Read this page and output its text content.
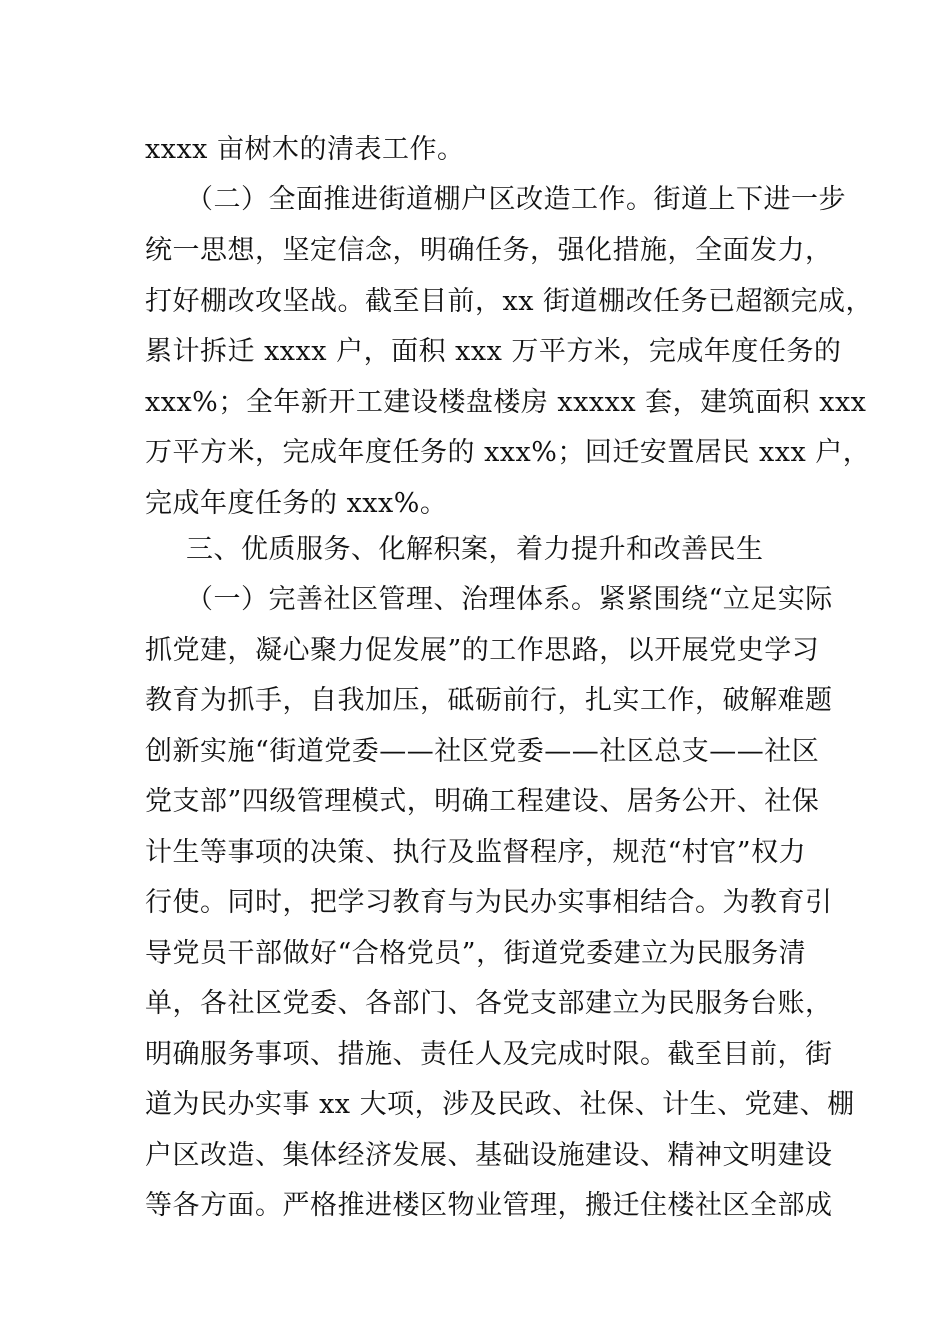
xxxx 亩树木的清表工作。

（二）全面推进街道棚户区改造工作。街道上下进一步

统一思想，坚定信念，明确任务，强化措施，全面发力，

打好棚改攻坚战。截至目前，xx 街道棚改任务已超额完成，

累计拆迁 xxxx 户，面积 xxx 万平方米，完成年度任务的

xxx%；全年新开工建设楼盘楼房 xxxxx 套，建筑面积 xxx

万平方米，完成年度任务的 xxx%；回迁安置居民 xxx 户，

完成年度任务的 xxx%。

三、优质服务、化解积案，着力提升和改善民生

（一）完善社区管理、治理体系。紧紧围绕“立足实际

抓党建，凝心聚力促发展”的工作思路，以开展党史学习

教育为抓手，自我加压，砥砺前行，扎实工作，破解难题

创新实施“街道党委——社区党委——社区总支——社区

党支部”四级管理模式，明确工程建设、居务公开、社保

计生等事项的决策、执行及监督程序，规范“村官”权力

行使。同时，把学习教育与为民办实事相结合。为教育引

导党员干部做好“合格党员”，街道党委建立为民服务清

单，各社区党委、各部门、各党支部建立为民服务台账，

明确服务事项、措施、责任人及完成时限。截至目前，街

道为民办实事 xx 大项，涉及民政、社保、计生、党建、棚

户区改造、集体经济发展、基础设施建设、精神文明建设

等各方面。严格推进楼区物业管理，搬迁住楼社区全部成
